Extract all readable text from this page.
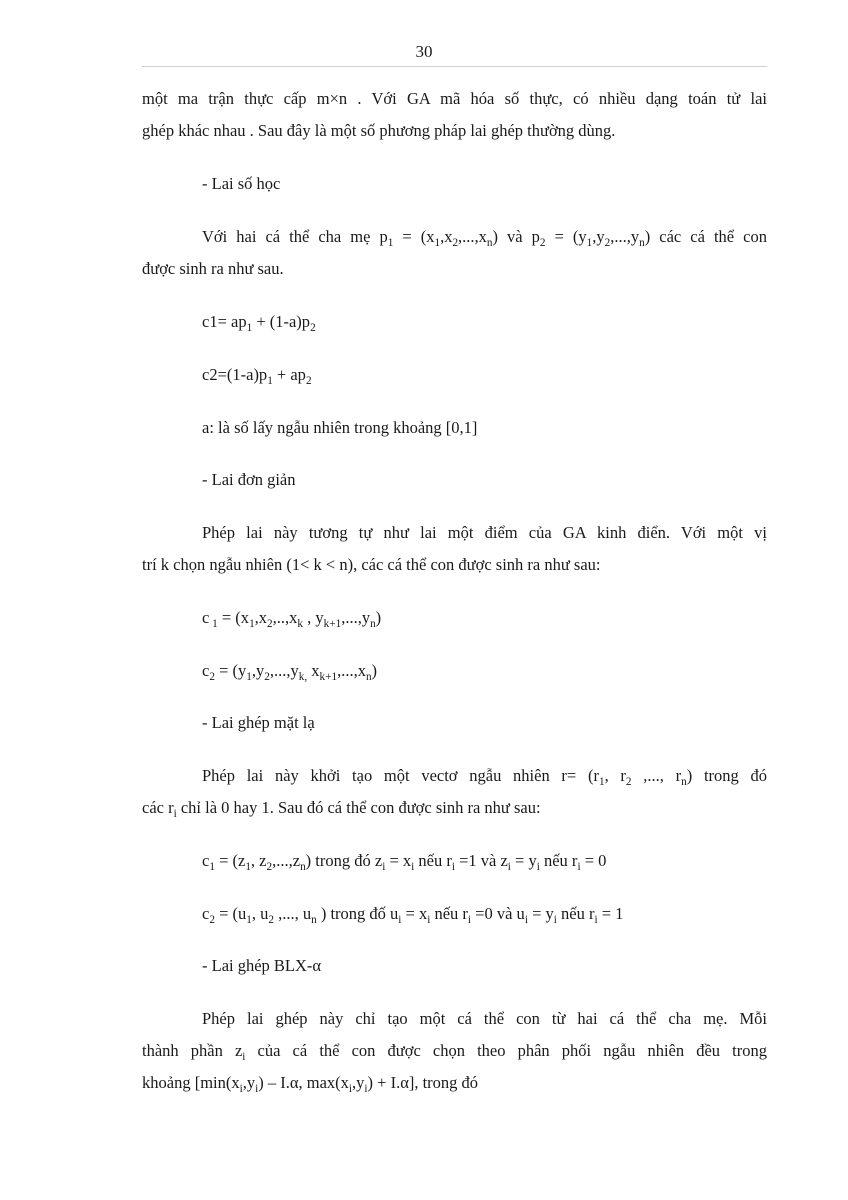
30
một ma trận thực cấp m×n . Với GA mã hóa số thực, có nhiều dạng toán tử lai
ghép khác nhau . Sau đây là một số phương pháp lai ghép thường dùng.
- Lai số học
Với hai cá thể cha mẹ $p_1 = (x_1,x_2,...,x_n)$ và $p_2 = (y_1,y_2,...,y_n)$ các cá thể con
được sinh ra như sau.
$c1= ap_1 + (1-a)p_2$
$c2=(1-a)p_1 + ap_2$
a: là số lấy ngẫu nhiên trong khoảng [0,1]
- Lai đơn giản
Phép lai này tương tự như lai một điểm của GA kinh điển. Với một vị
trí k chọn ngẫu nhiên (1< k < n), các cá thể con được sinh ra như sau:
c $_1 = (x_1,x_2,..,x_k$ , $y_{k+1},...,y_n$)
$c_2 = (y_1,y_2,...,y_{k,}$ $x_{k+1},...,x_n$)
- Lai ghép mặt lạ
Phép lai này khởi tạo một vectơ ngẫu nhiên $r= (r_1$, $r_2$ ,..., $r_n$) trong đó
các $r_i$ chỉ là 0 hay 1. Sau đó cá thể con được sinh ra như sau:
$c_1 = (z_1$, $z_2,...,z_n$) trong đó $z_i = x_i$ nếu $r_i =1$ và $z_i = y_i$ nếu $r_i = 0$
$c_2 = (u_1$, $u_2$ ,..., $u_n$ ) trong đố $u_i = x_i$ nếu $r_i =0$ và $u_i = y_i$ nếu $r_i = 1$
- Lai ghép BLX-α
Phép lai ghép này chỉ tạo một cá thể con từ hai cá thể cha mẹ. Mỗi
thành phần $z_i$ của cá thể con được chọn theo phân phối ngẫu nhiên đều trong
khoảng [$\min(x_i,y_i) - I.\alpha$, $\max(x_i,y_i) + I.\alpha$], trong đó
